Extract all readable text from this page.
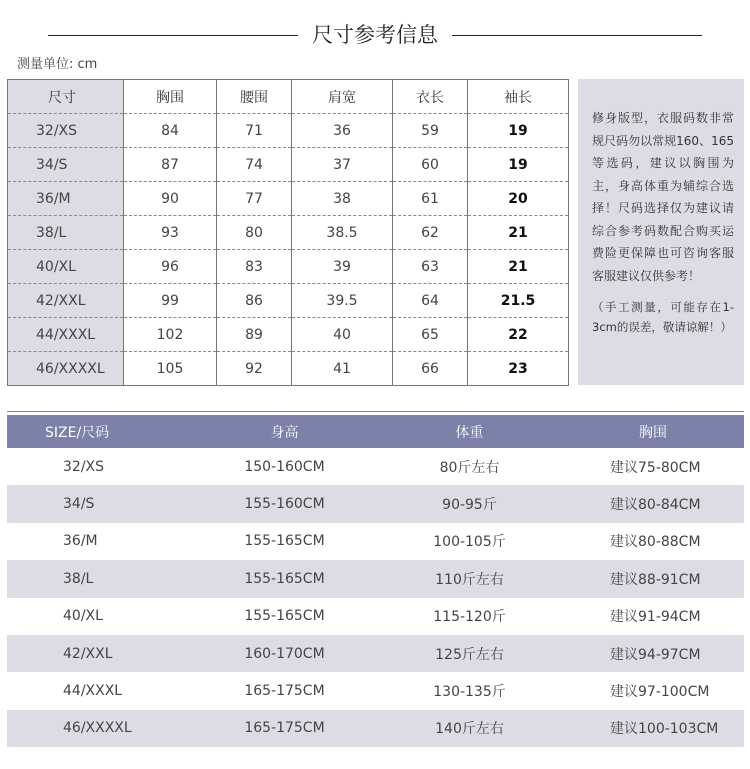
尺寸参考信息
测量单位: cm
尺寸	胸围	腰围	肩宽	衣长	袖长
32/XS	84	71	36	59	19
34/S	87	74	37	60	19
36/M	90	77	38	61	20
38/L	93	80	38.5	62	21
40/XL	96	83	39	63	21
42/XXL	99	86	39.5	64	21.5
44/XXXL	102	89	40	65	22
46/XXXXL	105	92	41	66	23
修身版型，衣服码数非常规尺码勿以常规160、165等选码，建议以胸围为主，身高体重为辅综合选择！尺码选择仅为建议请综合参考码数配合购买运费险更保障也可咨询客服客服建议仅供参考！
（手工测量，可能存在1-3cm的误差，敬请谅解！）
SIZE/尺码	身高	体重	胸围
32/XS	150-160CM	80斤左右	建议75-80CM
34/S	155-160CM	90-95斤	建议80-84CM
36/M	155-165CM	100-105斤	建议80-88CM
38/L	155-165CM	110斤左右	建议88-91CM
40/XL	155-165CM	115-120斤	建议91-94CM
42/XXL	160-170CM	125斤左右	建议94-97CM
44/XXXL	165-175CM	130-135斤	建议97-100CM
46/XXXXL	165-175CM	140斤左右	建议100-103CM
